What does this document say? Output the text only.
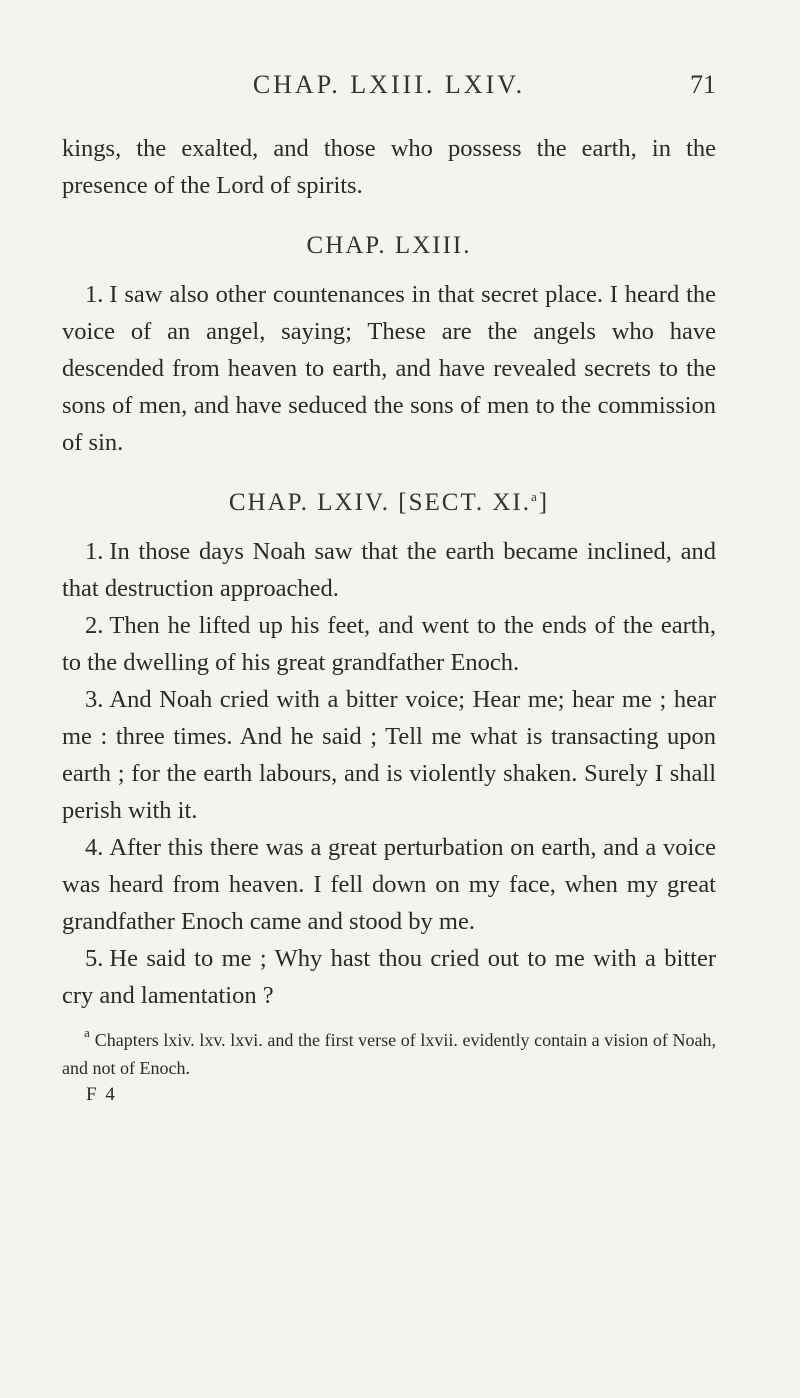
CHAP. LXIII. LXIV.	71

kings, the exalted, and those who possess the earth, in the presence of the Lord of spirits.

CHAP. LXIII.

1. I saw also other countenances in that secret place. I heard the voice of an angel, saying; These are the angels who have descended from heaven to earth, and have revealed secrets to the sons of men, and have seduced the sons of men to the commission of sin.

CHAP. LXIV. [SECT. XI.$^a$]

1. In those days Noah saw that the earth became inclined, and that destruction approached.

2. Then he lifted up his feet, and went to the ends of the earth, to the dwelling of his great grandfather Enoch.

3. And Noah cried with a bitter voice; Hear me; hear me ; hear me : three times. And he said ; Tell me what is transacting upon earth ; for the earth labours, and is violently shaken. Surely I shall perish with it.

4. After this there was a great perturbation on earth, and a voice was heard from heaven. I fell down on my face, when my great grandfather Enoch came and stood by me.

5. He said to me ; Why hast thou cried out to me with a bitter cry and lamentation ?

$^a$ Chapters lxiv. lxv. lxvi. and the first verse of lxvii. evidently contain a vision of Noah, and not of Enoch.

F 4
